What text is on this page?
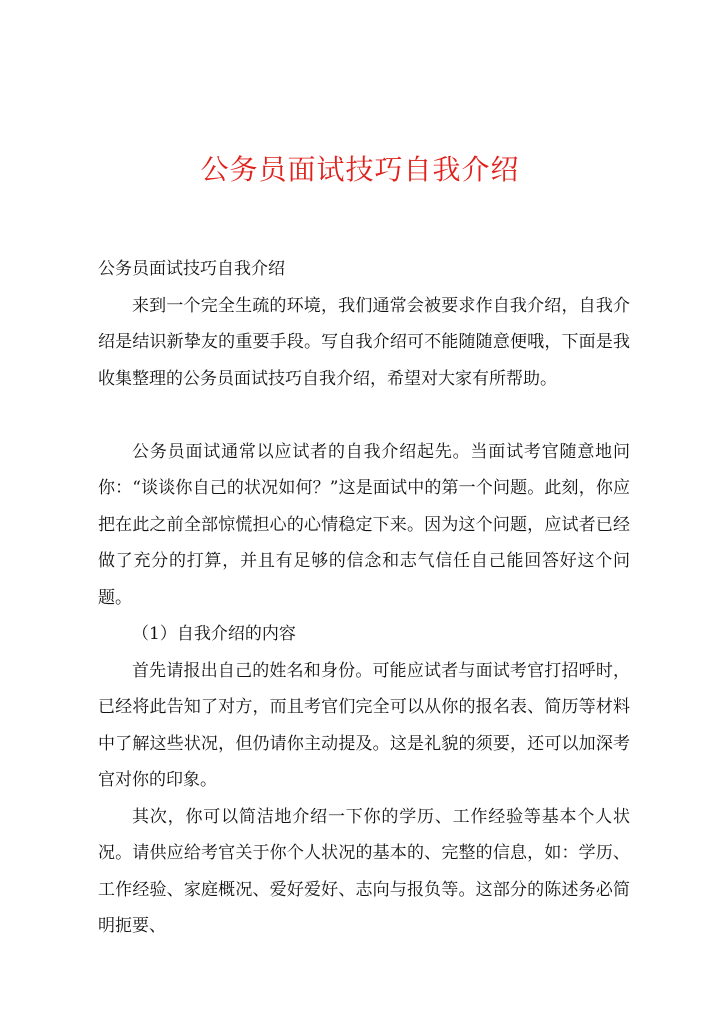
公务员面试技巧自我介绍

公务员面试技巧自我介绍

来到一个完全生疏的环境，我们通常会被要求作自我介绍，自我介绍是结识新挚友的重要手段。写自我介绍可不能随随意便哦，下面是我收集整理的公务员面试技巧自我介绍，希望对大家有所帮助。

公务员面试通常以应试者的自我介绍起先。当面试考官随意地问你：“谈谈你自己的状况如何？”这是面试中的第一个问题。此刻，你应把在此之前全部惊慌担心的心情稳定下来。因为这个问题，应试者已经做了充分的打算，并且有足够的信念和志气信任自己能回答好这个问题。

（1）自我介绍的内容

首先请报出自己的姓名和身份。可能应试者与面试考官打招呼时，已经将此告知了对方，而且考官们完全可以从你的报名表、简历等材料中了解这些状况，但仍请你主动提及。这是礼貌的须要，还可以加深考官对你的印象。

其次，你可以简洁地介绍一下你的学历、工作经验等基本个人状况。请供应给考官关于你个人状况的基本的、完整的信息，如：学历、工作经验、家庭概况、爱好爱好、志向与报负等。这部分的陈述务必简明扼要、
